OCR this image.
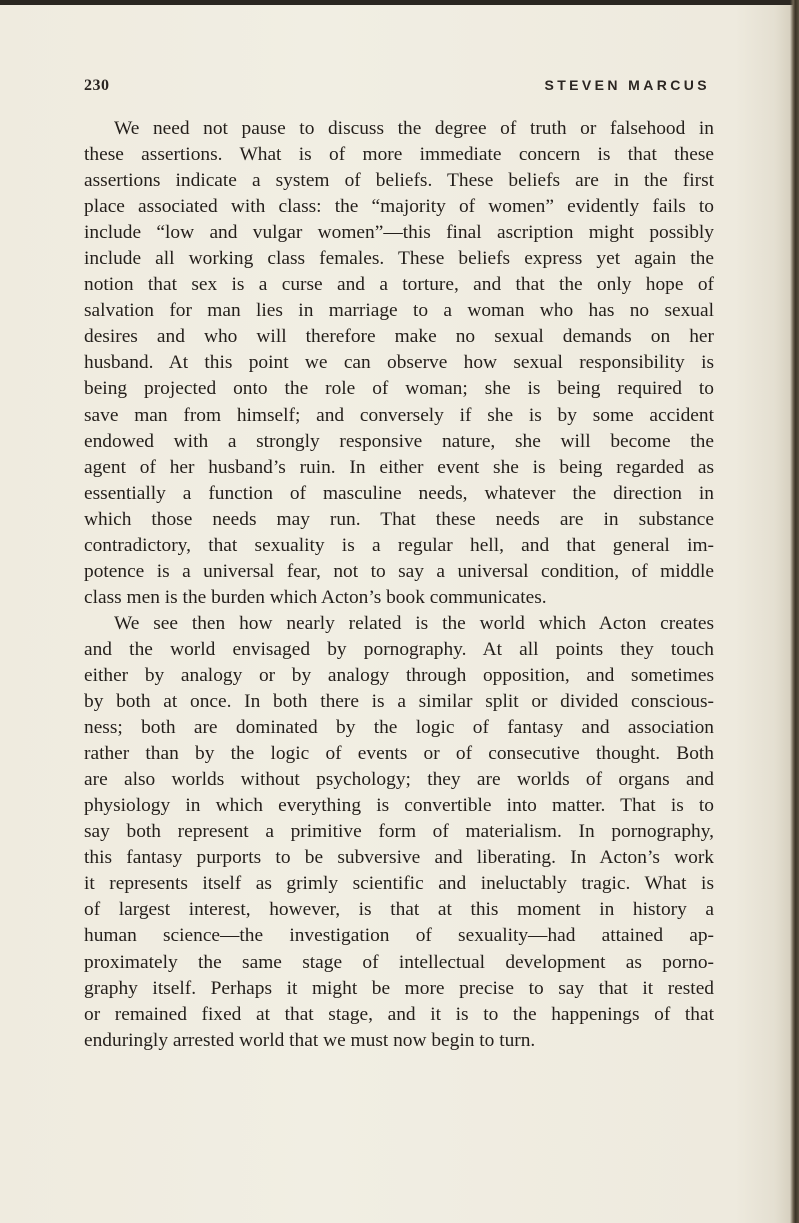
230	STEVEN MARCUS
We need not pause to discuss the degree of truth or falsehood in
these assertions. What is of more immediate concern is that these
assertions indicate a system of beliefs. These beliefs are in the first
place associated with class: the “majority of women” evidently fails to
include “low and vulgar women”—this final ascription might possibly
include all working class females. These beliefs express yet again the
notion that sex is a curse and a torture, and that the only hope of
salvation for man lies in marriage to a woman who has no sexual
desires and who will therefore make no sexual demands on her
husband. At this point we can observe how sexual responsibility is
being projected onto the role of woman; she is being required to
save man from himself; and conversely if she is by some accident
endowed with a strongly responsive nature, she will become the
agent of her husband’s ruin. In either event she is being regarded as
essentially a function of masculine needs, whatever the direction in
which those needs may run. That these needs are in substance
contradictory, that sexuality is a regular hell, and that general im-
potence is a universal fear, not to say a universal condition, of middle
class men is the burden which Acton’s book communicates.
We see then how nearly related is the world which Acton creates
and the world envisaged by pornography. At all points they touch
either by analogy or by analogy through opposition, and sometimes
by both at once. In both there is a similar split or divided conscious-
ness; both are dominated by the logic of fantasy and association
rather than by the logic of events or of consecutive thought. Both
are also worlds without psychology; they are worlds of organs and
physiology in which everything is convertible into matter. That is to
say both represent a primitive form of materialism. In pornography,
this fantasy purports to be subversive and liberating. In Acton’s work
it represents itself as grimly scientific and ineluctably tragic. What is
of largest interest, however, is that at this moment in history a
human science—the investigation of sexuality—had attained ap-
proximately the same stage of intellectual development as porno-
graphy itself. Perhaps it might be more precise to say that it rested
or remained fixed at that stage, and it is to the happenings of that
enduringly arrested world that we must now begin to turn.
